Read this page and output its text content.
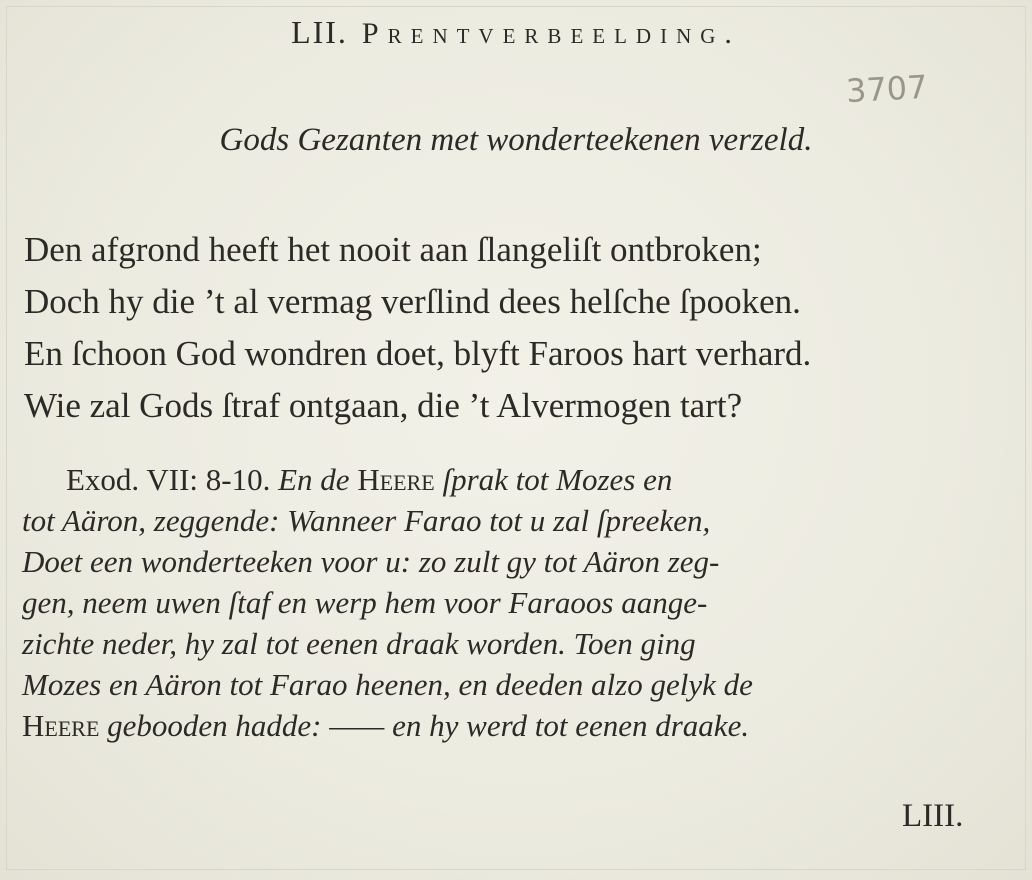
LII. Prentverbeelding.
3707
Gods Gezanten met wonderteekenen verzeld.
Den afgrond heeft het nooit aan ſlangeliſt ontbroken;
Doch hy die ’t al vermag verſlind dees helſche ſpooken.
En ſchoon God wondren doet, blyft Faroos hart verhard.
Wie zal Gods ſtraf ontgaan, die ’t Alvermogen tart?
Exod. VII: 8-10. En de Heere ſprak tot Mozes en
tot Aäron, zeggende: Wanneer Farao tot u zal ſpreeken,
Doet een wonderteeken voor u: zo zult gy tot Aäron zeg-
gen, neem uwen ſtaf en werp hem voor Faraoos aange-
zichte neder, hy zal tot eenen draak worden. Toen ging
Mozes en Aäron tot Farao heenen, en deeden alzo gelyk de
Heere gebooden hadde: —— en hy werd tot eenen draake.
LIII.
